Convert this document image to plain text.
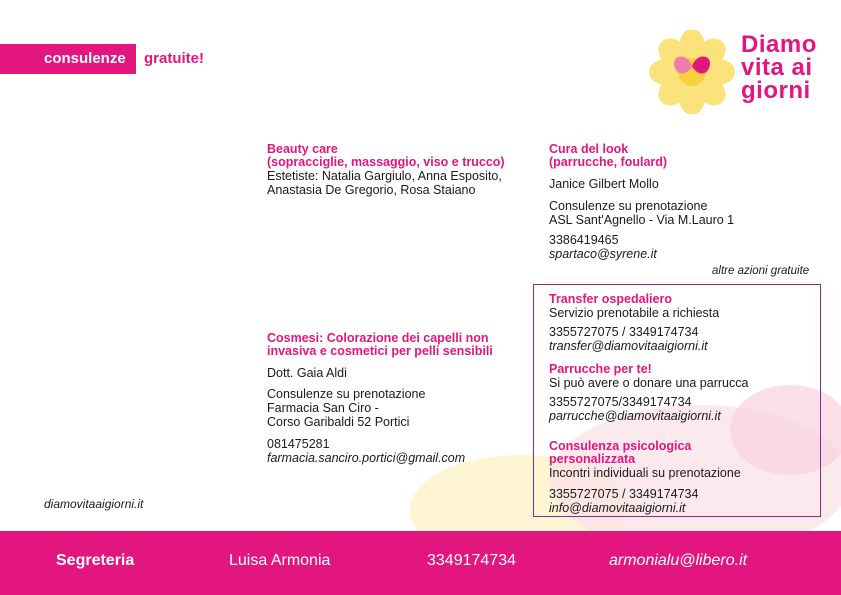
consulenze gratuite!
Diamo
vita ai
giorni
Beauty care
(sopracciglie, massaggio, viso e trucco)
Estetiste: Natalia Gargiulo, Anna Esposito,
Anastasia De Gregorio, Rosa Staiano
Cura del look
(parrucche, foulard)
Janice Gilbert Mollo
Consulenze su prenotazione
ASL Sant'Agnello - Via M.Lauro 1
3386419465
spartaco@syrene.it
altre azioni gratuite
Transfer ospedaliero
Servizio prenotabile a richiesta
3355727075 / 3349174734
transfer@diamovitaaigiorni.it
Parrucche per te!
Si può avere o donare una parrucca
3355727075/3349174734
parrucche@diamovitaaigiorni.it
Consulenza psicologica
personalizzata
Incontri individuali su prenotazione
3355727075 / 3349174734
info@diamovitaaigiorni.it
Cosmesi: Colorazione dei capelli non
invasiva e cosmetici per pelli sensibili
Dott. Gaia Aldi
Consulenze su prenotazione
Farmacia San Ciro -
Corso Garibaldi 52 Portici
081475281
farmacia.sanciro.portici@gmail.com
diamovitaaigiorni.it
Segreteria	Luisa Armonia	3349174734	armonialu@libero.it
